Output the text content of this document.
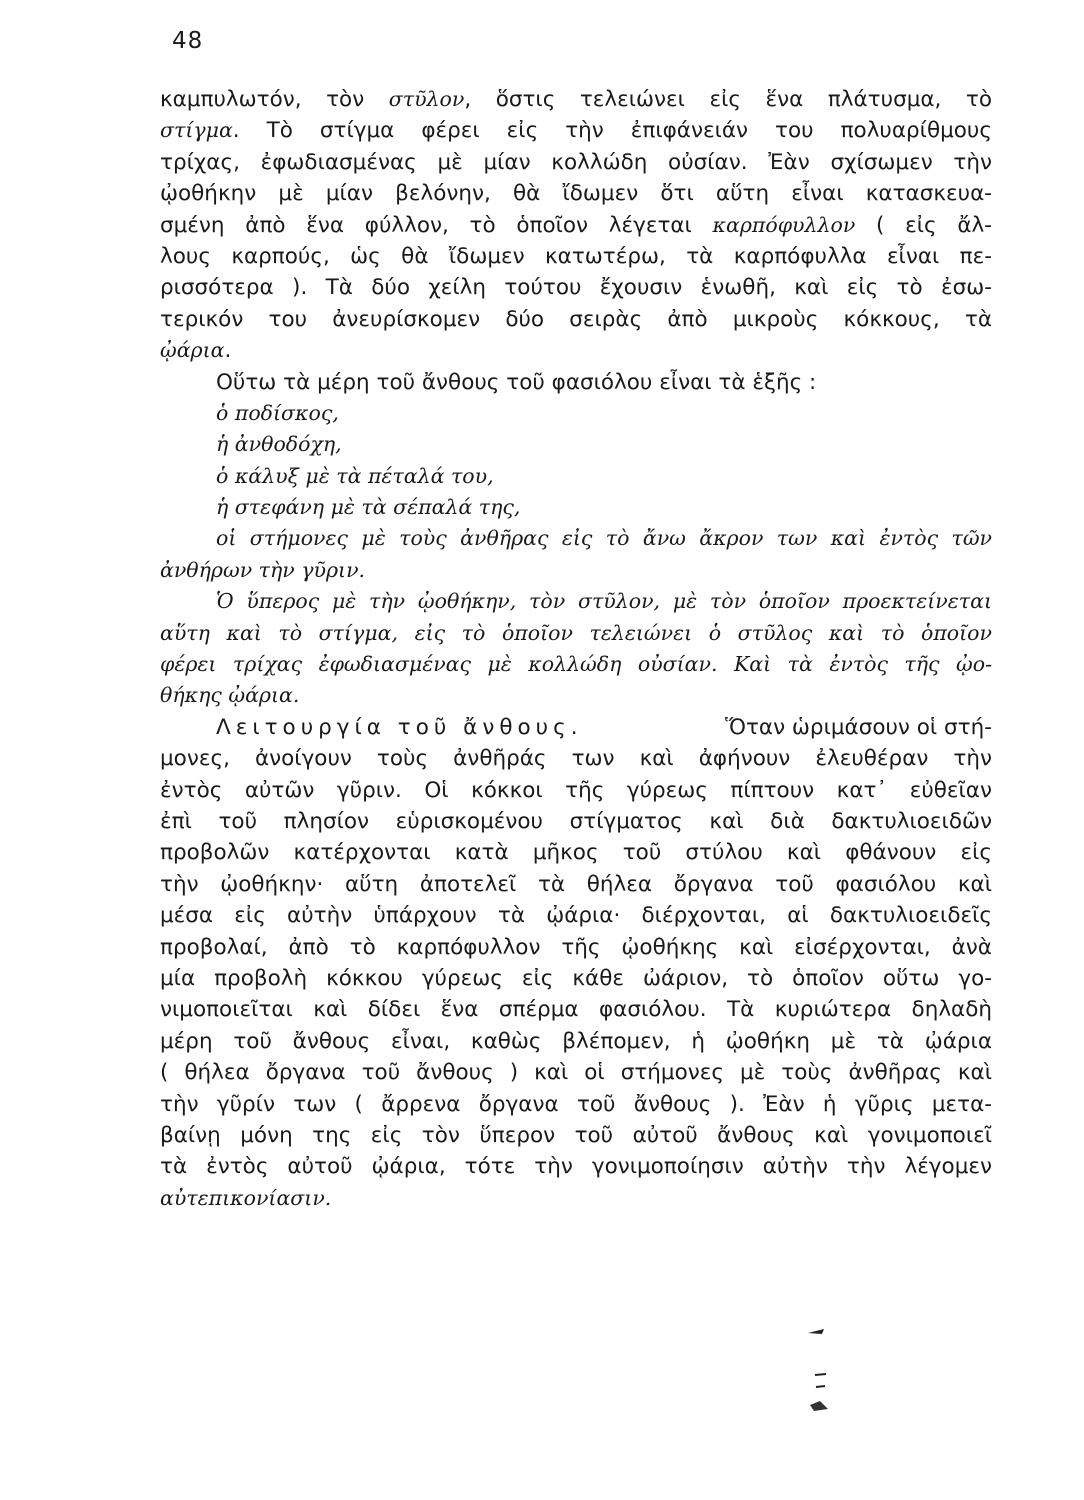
48
καμπυλωτόν, τὸν στῦλον, ὅστις τελειώνει εἰς ἕνα πλάτυσμα, τὸ
στίγμα. Τὸ στίγμα φέρει εἰς τὴν ἐπιφάνειάν του πολυαρίθμους
τρίχας, ἐφωδιασμένας μὲ μίαν κολλώδη οὐσίαν. Ἐὰν σχίσωμεν τὴν
ᾠοθήκην μὲ μίαν βελόνην, θὰ ἴδωμεν ὅτι αὕτη εἶναι κατασκευα-
σμένη ἀπὸ ἕνα φύλλον, τὸ ὁποῖον λέγεται καρπόφυλλον ( εἰς ἄλ-
λους καρπούς, ὡς θὰ ἴδωμεν κατωτέρω, τὰ καρπόφυλλα εἶναι πε-
ρισσότερα ). Τὰ δύο χείλη τούτου ἔχουσιν ἑνωθῆ, καὶ εἰς τὸ ἐσω-
τερικόν του ἀνευρίσκομεν δύο σειρὰς ἀπὸ μικροὺς κόκκους, τὰ
ᾠάρια.
Οὕτω τὰ μέρη τοῦ ἄνθους τοῦ φασιόλου εἶναι τὰ ἑξῆς :
ὁ ποδίσκος,
ἡ ἀνθοδόχη,
ὁ κάλυξ μὲ τὰ πέταλά του,
ἡ στεφάνη μὲ τὰ σέπαλά της,
οἱ στήμονες μὲ τοὺς ἀνθῆρας εἰς τὸ ἄνω ἄκρον των καὶ ἐντὸς τῶν
ἀνθήρων τὴν γῦριν.
Ὁ ὕπερος μὲ τὴν ᾠοθήκην, τὸν στῦλον, μὲ τὸν ὁποῖον προεκτείνεται
αὕτη καὶ τὸ στίγμα, εἰς τὸ ὁποῖον τελειώνει ὁ στῦλος καὶ τὸ ὁποῖον
φέρει τρίχας ἐφωδιασμένας μὲ κολλώδη οὐσίαν. Καὶ τὰ ἐντὸς τῆς ᾠο-
θήκης ᾠάρια.
Λειτουργία τοῦ ἄνθους.	Ὅταν ὡριμάσουν οἱ στή-
μονες, ἀνοίγουν τοὺς ἀνθῆράς των καὶ ἀφήνουν ἐλευθέραν τὴν
ἐντὸς αὐτῶν γῦριν. Οἱ κόκκοι τῆς γύρεως πίπτουν κατ᾽ εὐθεῖαν
ἐπὶ τοῦ πλησίον εὑρισκομένου στίγματος καὶ διὰ δακτυλιοειδῶν
προβολῶν κατέρχονται κατὰ μῆκος τοῦ στύλου καὶ φθάνουν εἰς
τὴν ᾠοθήκην· αὕτη ἀποτελεῖ τὰ θήλεα ὄργανα τοῦ φασιόλου καὶ
μέσα εἰς αὐτὴν ὑπάρχουν τὰ ᾠάρια· διέρχονται, αἱ δακτυλιοειδεῖς
προβολαί, ἀπὸ τὸ καρπόφυλλον τῆς ᾠοθήκης καὶ εἰσέρχονται, ἀνὰ
μία προβολὴ κόκκου γύρεως εἰς κάθε ὠάριον, τὸ ὁποῖον οὕτω γο-
νιμοποιεῖται καὶ δίδει ἕνα σπέρμα φασιόλου. Τὰ κυριώτερα δηλαδὴ
μέρη τοῦ ἄνθους εἶναι, καθὼς βλέπομεν, ἡ ᾠοθήκη μὲ τὰ ᾠάρια
( θήλεα ὄργανα τοῦ ἄνθους ) καὶ οἱ στήμονες μὲ τοὺς ἀνθῆρας καὶ
τὴν γῦρίν των ( ἄρρενα ὄργανα τοῦ ἄνθους ). Ἐὰν ἡ γῦρις μετα-
βαίνῃ μόνη της εἰς τὸν ὕπερον τοῦ αὐτοῦ ἄνθους καὶ γονιμοποιεῖ
τὰ ἐντὸς αὐτοῦ ᾠάρια, τότε τὴν γονιμοποίησιν αὐτὴν τὴν λέγομεν
αὐτεπικονίασιν.
